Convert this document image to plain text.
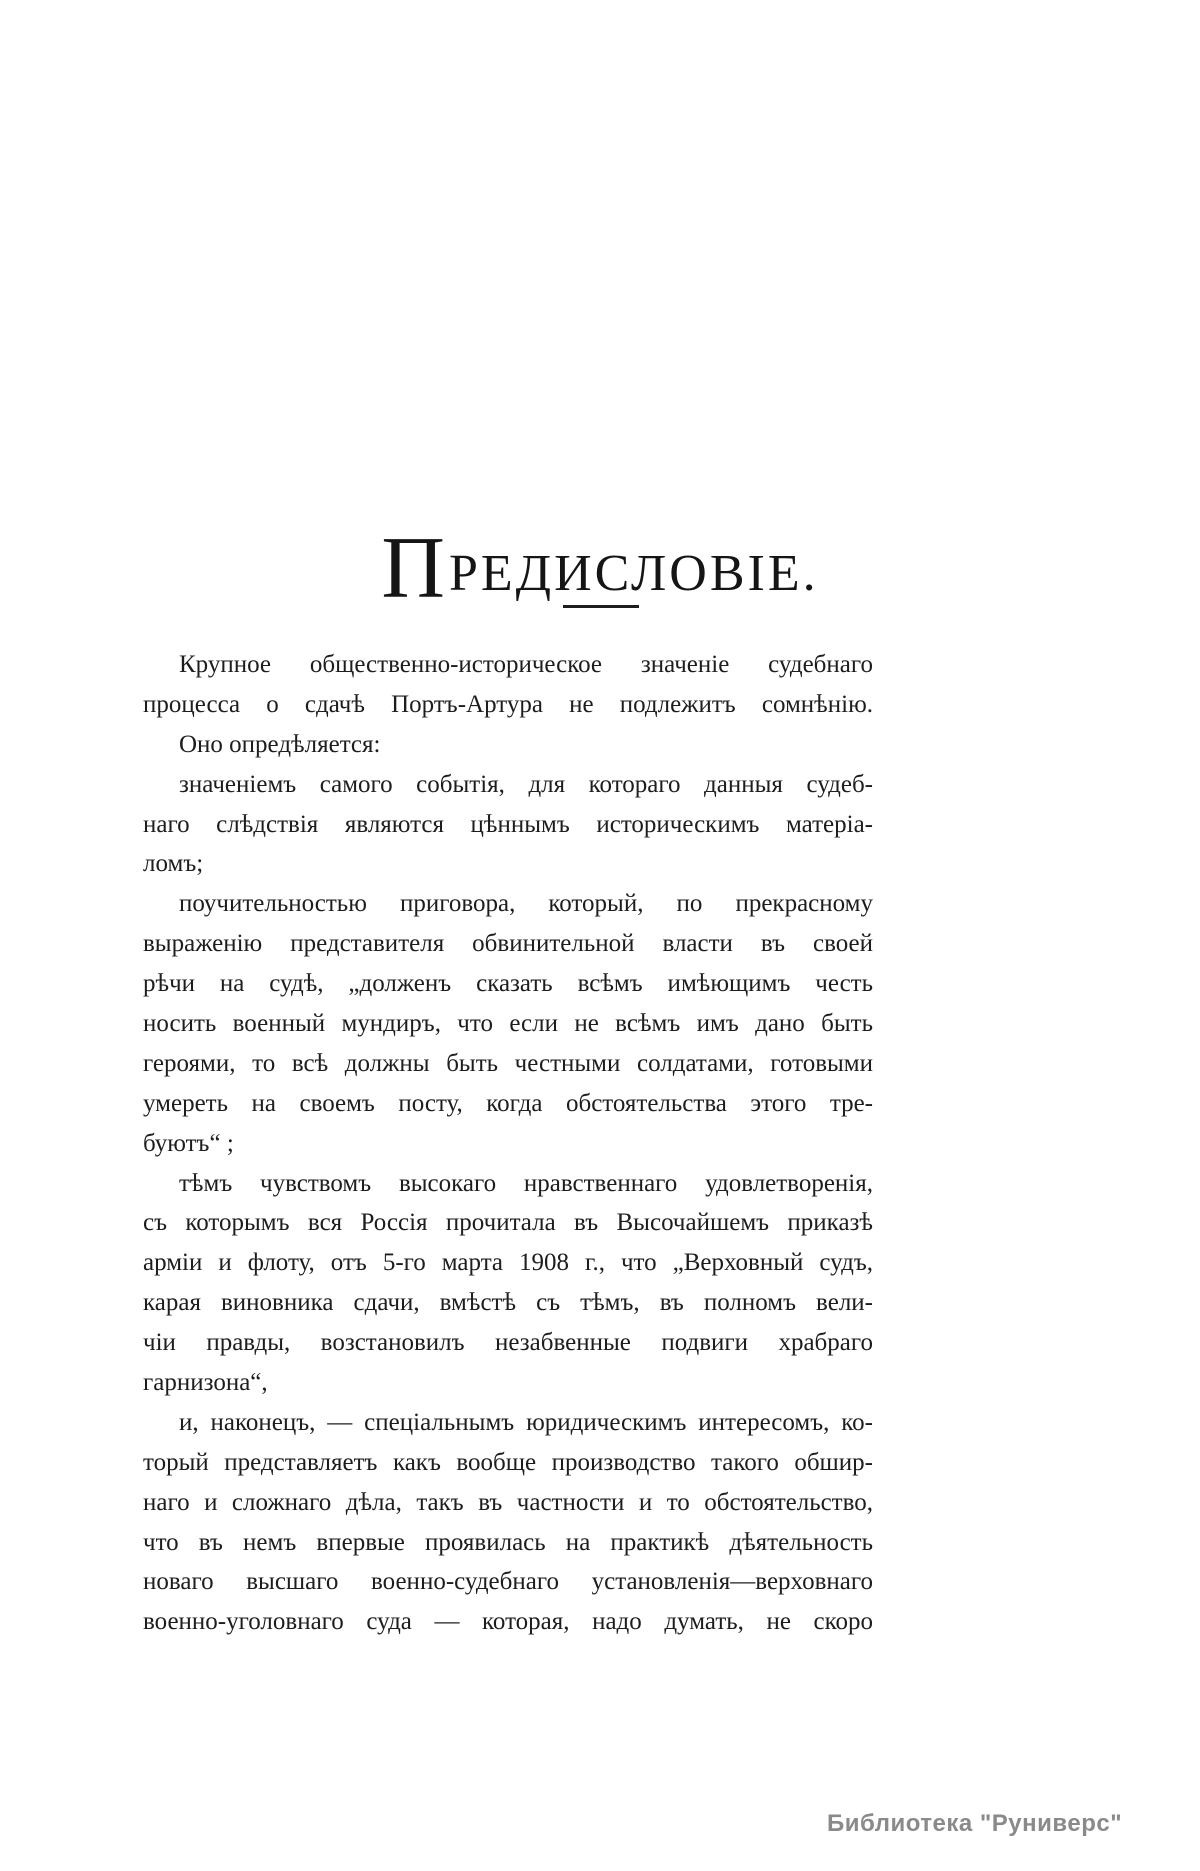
ПРЕДИСЛОВІЕ.
Крупное общественно-историческое значеніе судебнаго
процесса о сдачѣ Портъ-Артура не подлежитъ сомнѣнію.
Оно опредѣляется:
значеніемъ самого событія, для котораго данныя судеб-
наго слѣдствія являются цѣннымъ историческимъ матеріа-
ломъ;
поучительностью приговора, который, по прекрасному
выраженію представителя обвинительной власти въ своей
рѣчи на судѣ, „долженъ сказать всѣмъ имѣющимъ честь
носить военный мундиръ, что если не всѣмъ имъ дано быть
героями, то всѣ должны быть честными солдатами, готовыми
умереть на своемъ посту, когда обстоятельства этого тре-
буютъ“ ;
тѣмъ чувствомъ высокаго нравственнаго удовлетворенія,
съ которымъ вся Россія прочитала въ Высочайшемъ приказѣ
арміи и флоту, отъ 5-го марта 1908 г., что „Верховный судъ,
карая виновника сдачи, вмѣстѣ съ тѣмъ, въ полномъ вели-
чіи правды, возстановилъ незабвенные подвиги храбраго
гарнизона“,
и, наконецъ, — спеціальнымъ юридическимъ интересомъ, ко-
торый представляетъ какъ вообще производство такого обшир-
наго и сложнаго дѣла, такъ въ частности и то обстоятельство,
что въ немъ впервые проявилась на практикѣ дѣятельность
новаго высшаго военно-судебнаго установленія—верховнаго
военно-уголовнаго суда — которая, надо думать, не скоро
Библиотека "Руниверс"
